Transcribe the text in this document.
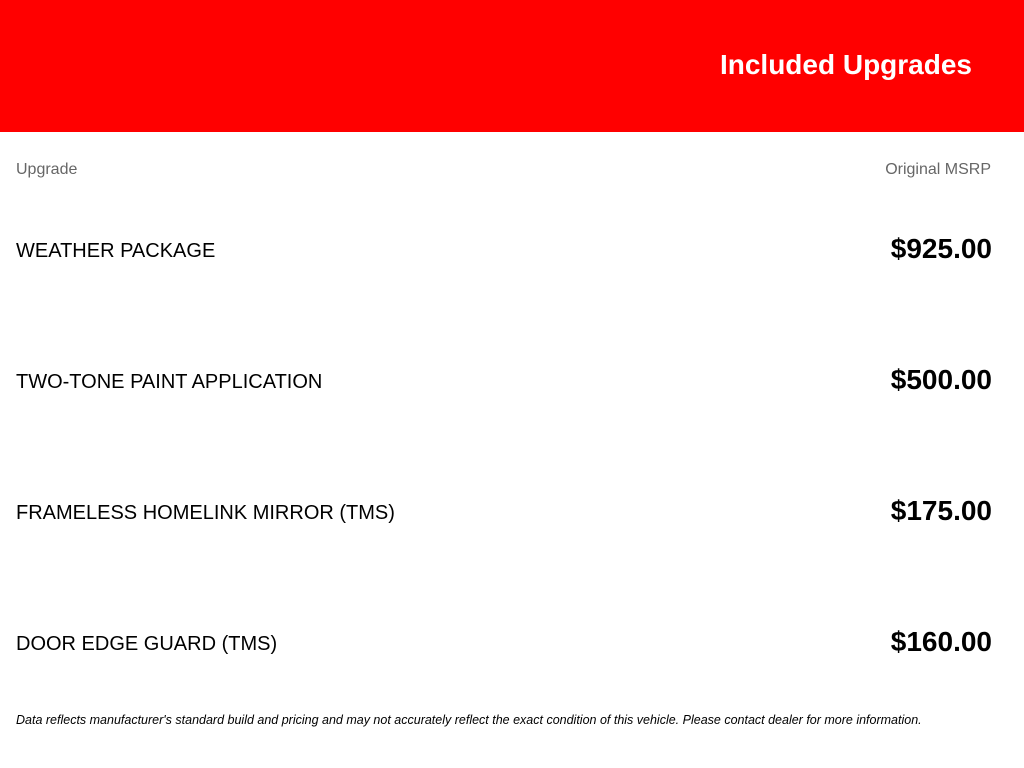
Included Upgrades
Upgrade	Original MSRP
WEATHER PACKAGE	$925.00
TWO-TONE PAINT APPLICATION	$500.00
FRAMELESS HOMELINK MIRROR (TMS)	$175.00
DOOR EDGE GUARD (TMS)	$160.00
Data reflects manufacturer's standard build and pricing and may not accurately reflect the exact condition of this vehicle. Please contact dealer for more information.
